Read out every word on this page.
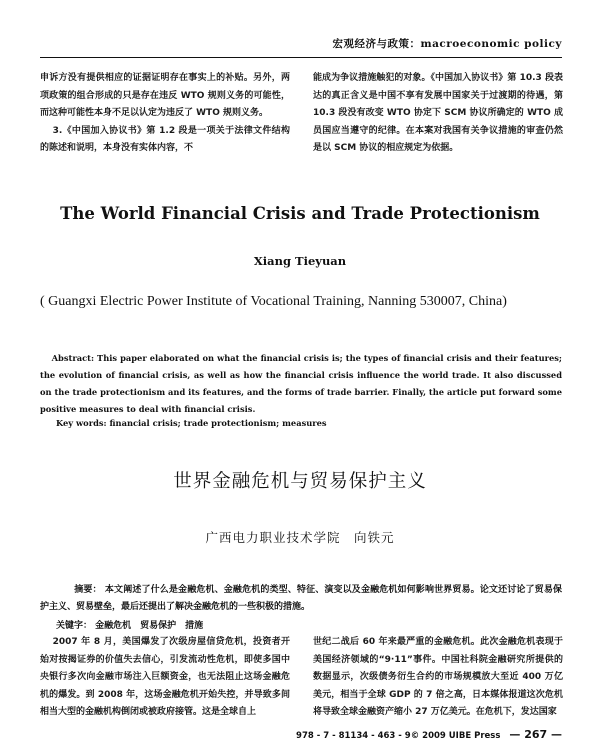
宏观经济与政策：macroeconomic policy

申诉方没有提供相应的证据证明存在事实上的补贴。另外，两项政策的组合形成的只是存在违反 WTO 规则义务的可能性，而这种可能性本身不足以认定为违反了 WTO 规则义务。

3.《中国加入协议书》第 1.2 段是一项关于法律文件结构的陈述和说明，本身没有实体内容，不

能成为争议措施触犯的对象。《中国加入协议书》第 10.3 段表达的真正含义是中国不享有发展中国家关于过渡期的待遇，第 10.3 段没有改变 WTO 协定下 SCM 协议所确定的 WTO 成员国应当遵守的纪律。在本案对我国有关争议措施的审查仍然是以 SCM 协议的相应规定为依据。

The World Financial Crisis and Trade Protectionism
Xiang Tieyuan
( Guangxi Electric Power Institute of Vocational Training, Nanning 530007, China)
Abstract: This paper elaborated on what the financial crisis is; the types of financial crisis and their features; the evolution of financial crisis, as well as how the financial crisis influence the world trade. It also discussed on the trade protectionism and its features, and the forms of trade barrier. Finally, the article put forward some positive measures to deal with financial crisis.
Key words: financial crisis; trade protectionism; measures
世界金融危机与贸易保护主义
广西电力职业技术学院　向铁元
摘要： 本文阐述了什么是金融危机、金融危机的类型、特征、演变以及金融危机如何影响世界贸易。论文还讨论了贸易保护主义、贸易壁垒，最后还提出了解决金融危机的一些积极的措施。
关键字： 金融危机　贸易保护　措施

2007 年 8 月，美国爆发了次级房屋信贷危机，投资者开始对按揭证券的价值失去信心，引发流动性危机，即使多国中央银行多次向金融市场注入巨额资金，也无法阻止这场金融危机的爆发。到 2008 年，这场金融危机开始失控，并导致多间相当大型的金融机构倒闭或被政府接管。这是全球自上

世纪二战后 60 年来最严重的金融危机。此次金融危机表现于美国经济领域的“9·11”事件。中国社科院金融研究所提供的数据显示，次级债务衍生合约的市场规模放大至近 400 万亿美元，相当于全球 GDP 的 7 倍之高，日本媒体报道这次危机将导致全球金融资产缩小 27 万亿美元。在危机下，发达国家

978 - 7 - 81134 - 463 - 9© 2009 UIBE Press — 267 —
